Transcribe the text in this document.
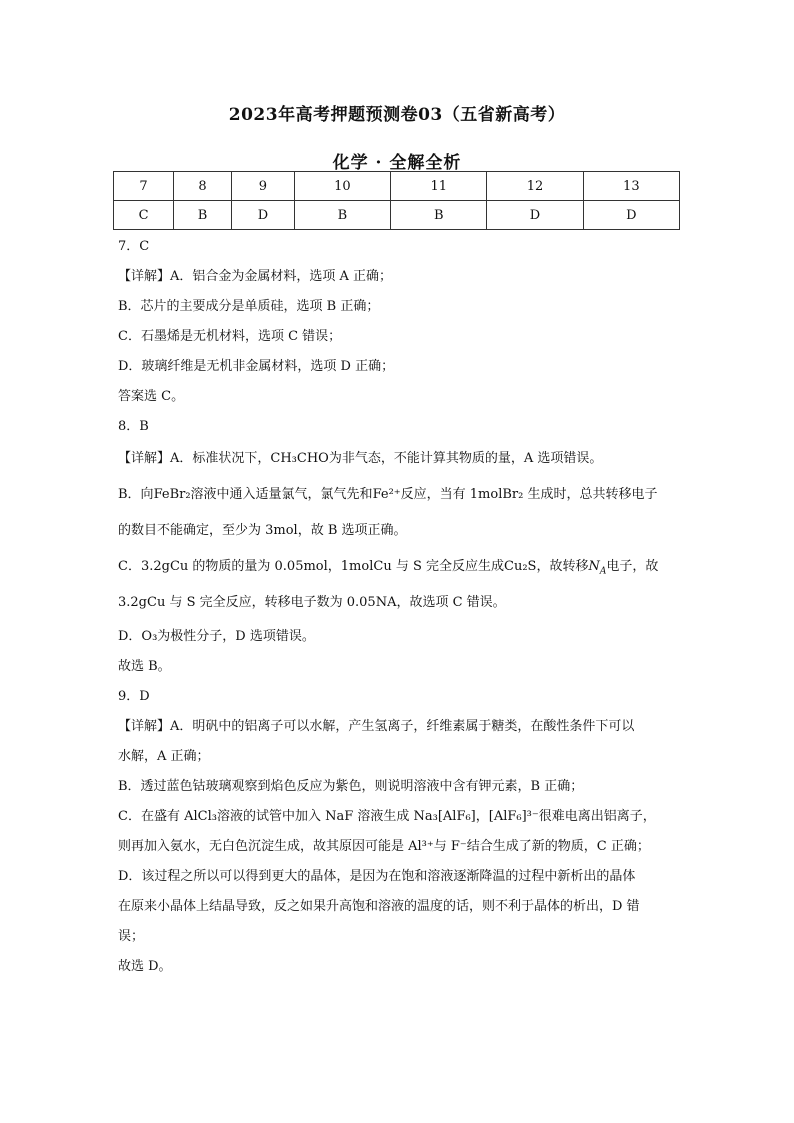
2023年高考押题预测卷03（五省新高考）
化学 · 全解全析
7	8	9	10	11	12	13
C	B	D	B	B	D	D
7．C
【详解】A．铝合金为金属材料，选项 A 正确；
B．芯片的主要成分是单质硅，选项 B 正确；
C．石墨烯是无机材料，选项 C 错误；
D．玻璃纤维是无机非金属材料，选项 D 正确；
答案选 C。
8．B
【详解】A．标准状况下，CH₃CHO为非气态，不能计算其物质的量，A 选项错误。
B．向FeBr₂溶液中通入适量氯气，氯气先和Fe²⁺反应，当有 1molBr₂ 生成时，总共转移电子
的数目不能确定，至少为 3mol，故 B 选项正确。
C．3.2gCu 的物质的量为 0.05mol，1molCu 与 S 完全反应生成Cu₂S，故转移$N_A$电子，故
3.2gCu 与 S 完全反应，转移电子数为 0.05NA，故选项 C 错误。
D．O₃为极性分子，D 选项错误。
故选 B。
9．D
【详解】A．明矾中的铝离子可以水解，产生氢离子，纤维素属于糖类，在酸性条件下可以
水解，A 正确；
B．透过蓝色钴玻璃观察到焰色反应为紫色，则说明溶液中含有钾元素，B 正确；
C．在盛有 AlCl₃溶液的试管中加入 NaF 溶液生成 Na₃[AlF₆]，[AlF₆]³⁻很难电离出铝离子，
则再加入氨水，无白色沉淀生成，故其原因可能是 Al³⁺与 F⁻结合生成了新的物质，C 正确；
D．该过程之所以可以得到更大的晶体，是因为在饱和溶液逐渐降温的过程中新析出的晶体
在原来小晶体上结晶导致，反之如果升高饱和溶液的温度的话，则不利于晶体的析出，D 错
误；
故选 D。
